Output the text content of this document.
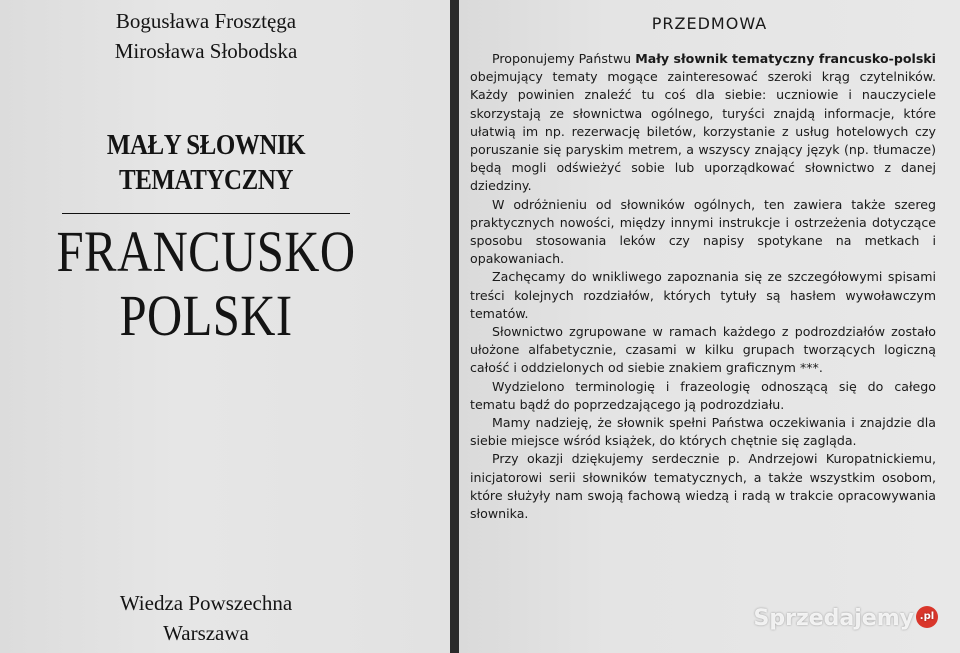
Bogusława Frosztęga
Mirosława Słobodska
MAŁY SŁOWNIK
TEMATYCZNY
FRANCUSKO
POLSKI
Wiedza Powszechna
Warszawa
PRZEDMOWA

Proponujemy Państwu Mały słownik tematyczny francusko-polski obejmujący tematy mogące zainteresować szeroki krąg czytelników. Każdy powinien znaleźć tu coś dla siebie: uczniowie i nauczyciele skorzystają ze słownictwa ogólnego, turyści znajdą informacje, które ułatwią im np. rezerwację biletów, korzystanie z usług hotelowych czy poruszanie się paryskim metrem, a wszyscy znający język (np. tłumacze) będą mogli odświeżyć sobie lub uporządkować słownictwo z danej dziedziny.

W odróżnieniu od słowników ogólnych, ten zawiera także szereg praktycznych nowości, między innymi instrukcje i ostrzeżenia dotyczące sposobu stosowania leków czy napisy spotykane na metkach i opakowaniach.

Zachęcamy do wnikliwego zapoznania się ze szczegółowymi spisami treści kolejnych rozdziałów, których tytuły są hasłem wywoławczym tematów.

Słownictwo zgrupowane w ramach każdego z podrozdziałów zostało ułożone alfabetycznie, czasami w kilku grupach tworzących logiczną całość i oddzielonych od siebie znakiem graficznym ***.

Wydzielono terminologię i frazeologię odnoszącą się do całego tematu bądź do poprzedzającego ją podrozdziału.

Mamy nadzieję, że słownik spełni Państwa oczekiwania i znajdzie dla siebie miejsce wśród książek, do których chętnie się zagląda.

Przy okazji dziękujemy serdecznie p. Andrzejowi Kuropatnickiemu, inicjatorowi serii słowników tematycznych, a także wszystkim osobom, które służyły nam swoją fachową wiedzą i radą w trakcie opracowywania słownika.

Sprzedajemy .pl
